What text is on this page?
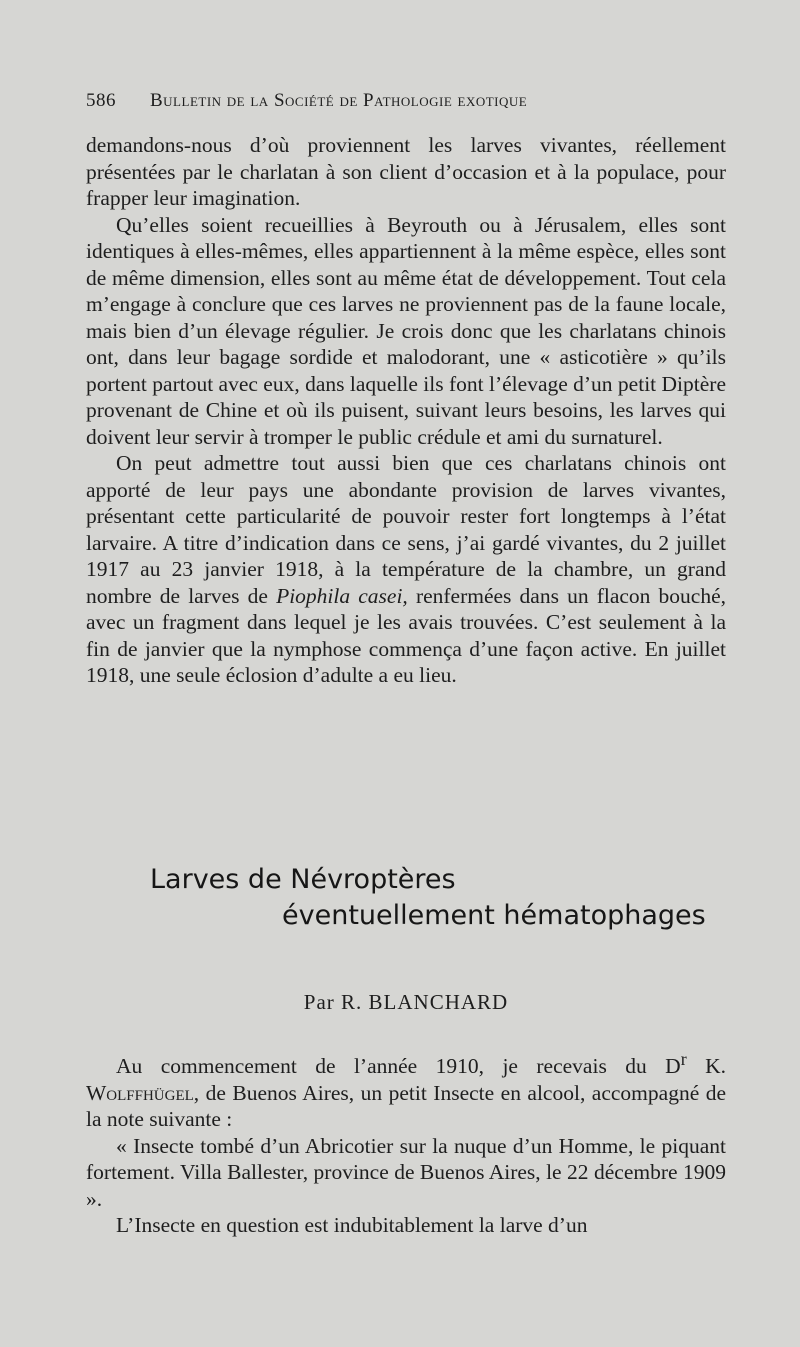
586	Bulletin de la Société de Pathologie exotique

demandons-nous d’où proviennent les larves vivantes, réellement présentées par le charlatan à son client d’occasion et à la populace, pour frapper leur imagination.

Qu’elles soient recueillies à Beyrouth ou à Jérusalem, elles sont identiques à elles-mêmes, elles appartiennent à la même espèce, elles sont de même dimension, elles sont au même état de développement. Tout cela m’engage à conclure que ces larves ne proviennent pas de la faune locale, mais bien d’un élevage régulier. Je crois donc que les charlatans chinois ont, dans leur bagage sordide et malodorant, une « asticotière » qu’ils portent partout avec eux, dans laquelle ils font l’élevage d’un petit Diptère provenant de Chine et où ils puisent, suivant leurs besoins, les larves qui doivent leur servir à tromper le public crédule et ami du surnaturel.

On peut admettre tout aussi bien que ces charlatans chinois ont apporté de leur pays une abondante provision de larves vivantes, présentant cette particularité de pouvoir rester fort longtemps à l’état larvaire. A titre d’indication dans ce sens, j’ai gardé vivantes, du 2 juillet 1917 au 23 janvier 1918, à la température de la chambre, un grand nombre de larves de Piophila casei, renfermées dans un flacon bouché, avec un fragment dans lequel je les avais trouvées. C’est seulement à la fin de janvier que la nymphose commença d’une façon active. En juillet 1918, une seule éclosion d’adulte a eu lieu.

Larves de Névroptères
éventuellement hématophages
Par R. BLANCHARD

Au commencement de l’année 1910, je recevais du $D^r$ K. Wolffhügel, de Buenos Aires, un petit Insecte en alcool, accompagné de la note suivante :

« Insecte tombé d’un Abricotier sur la nuque d’un Homme, le piquant fortement. Villa Ballester, province de Buenos Aires, le 22 décembre 1909 ».

L’Insecte en question est indubitablement la larve d’un
